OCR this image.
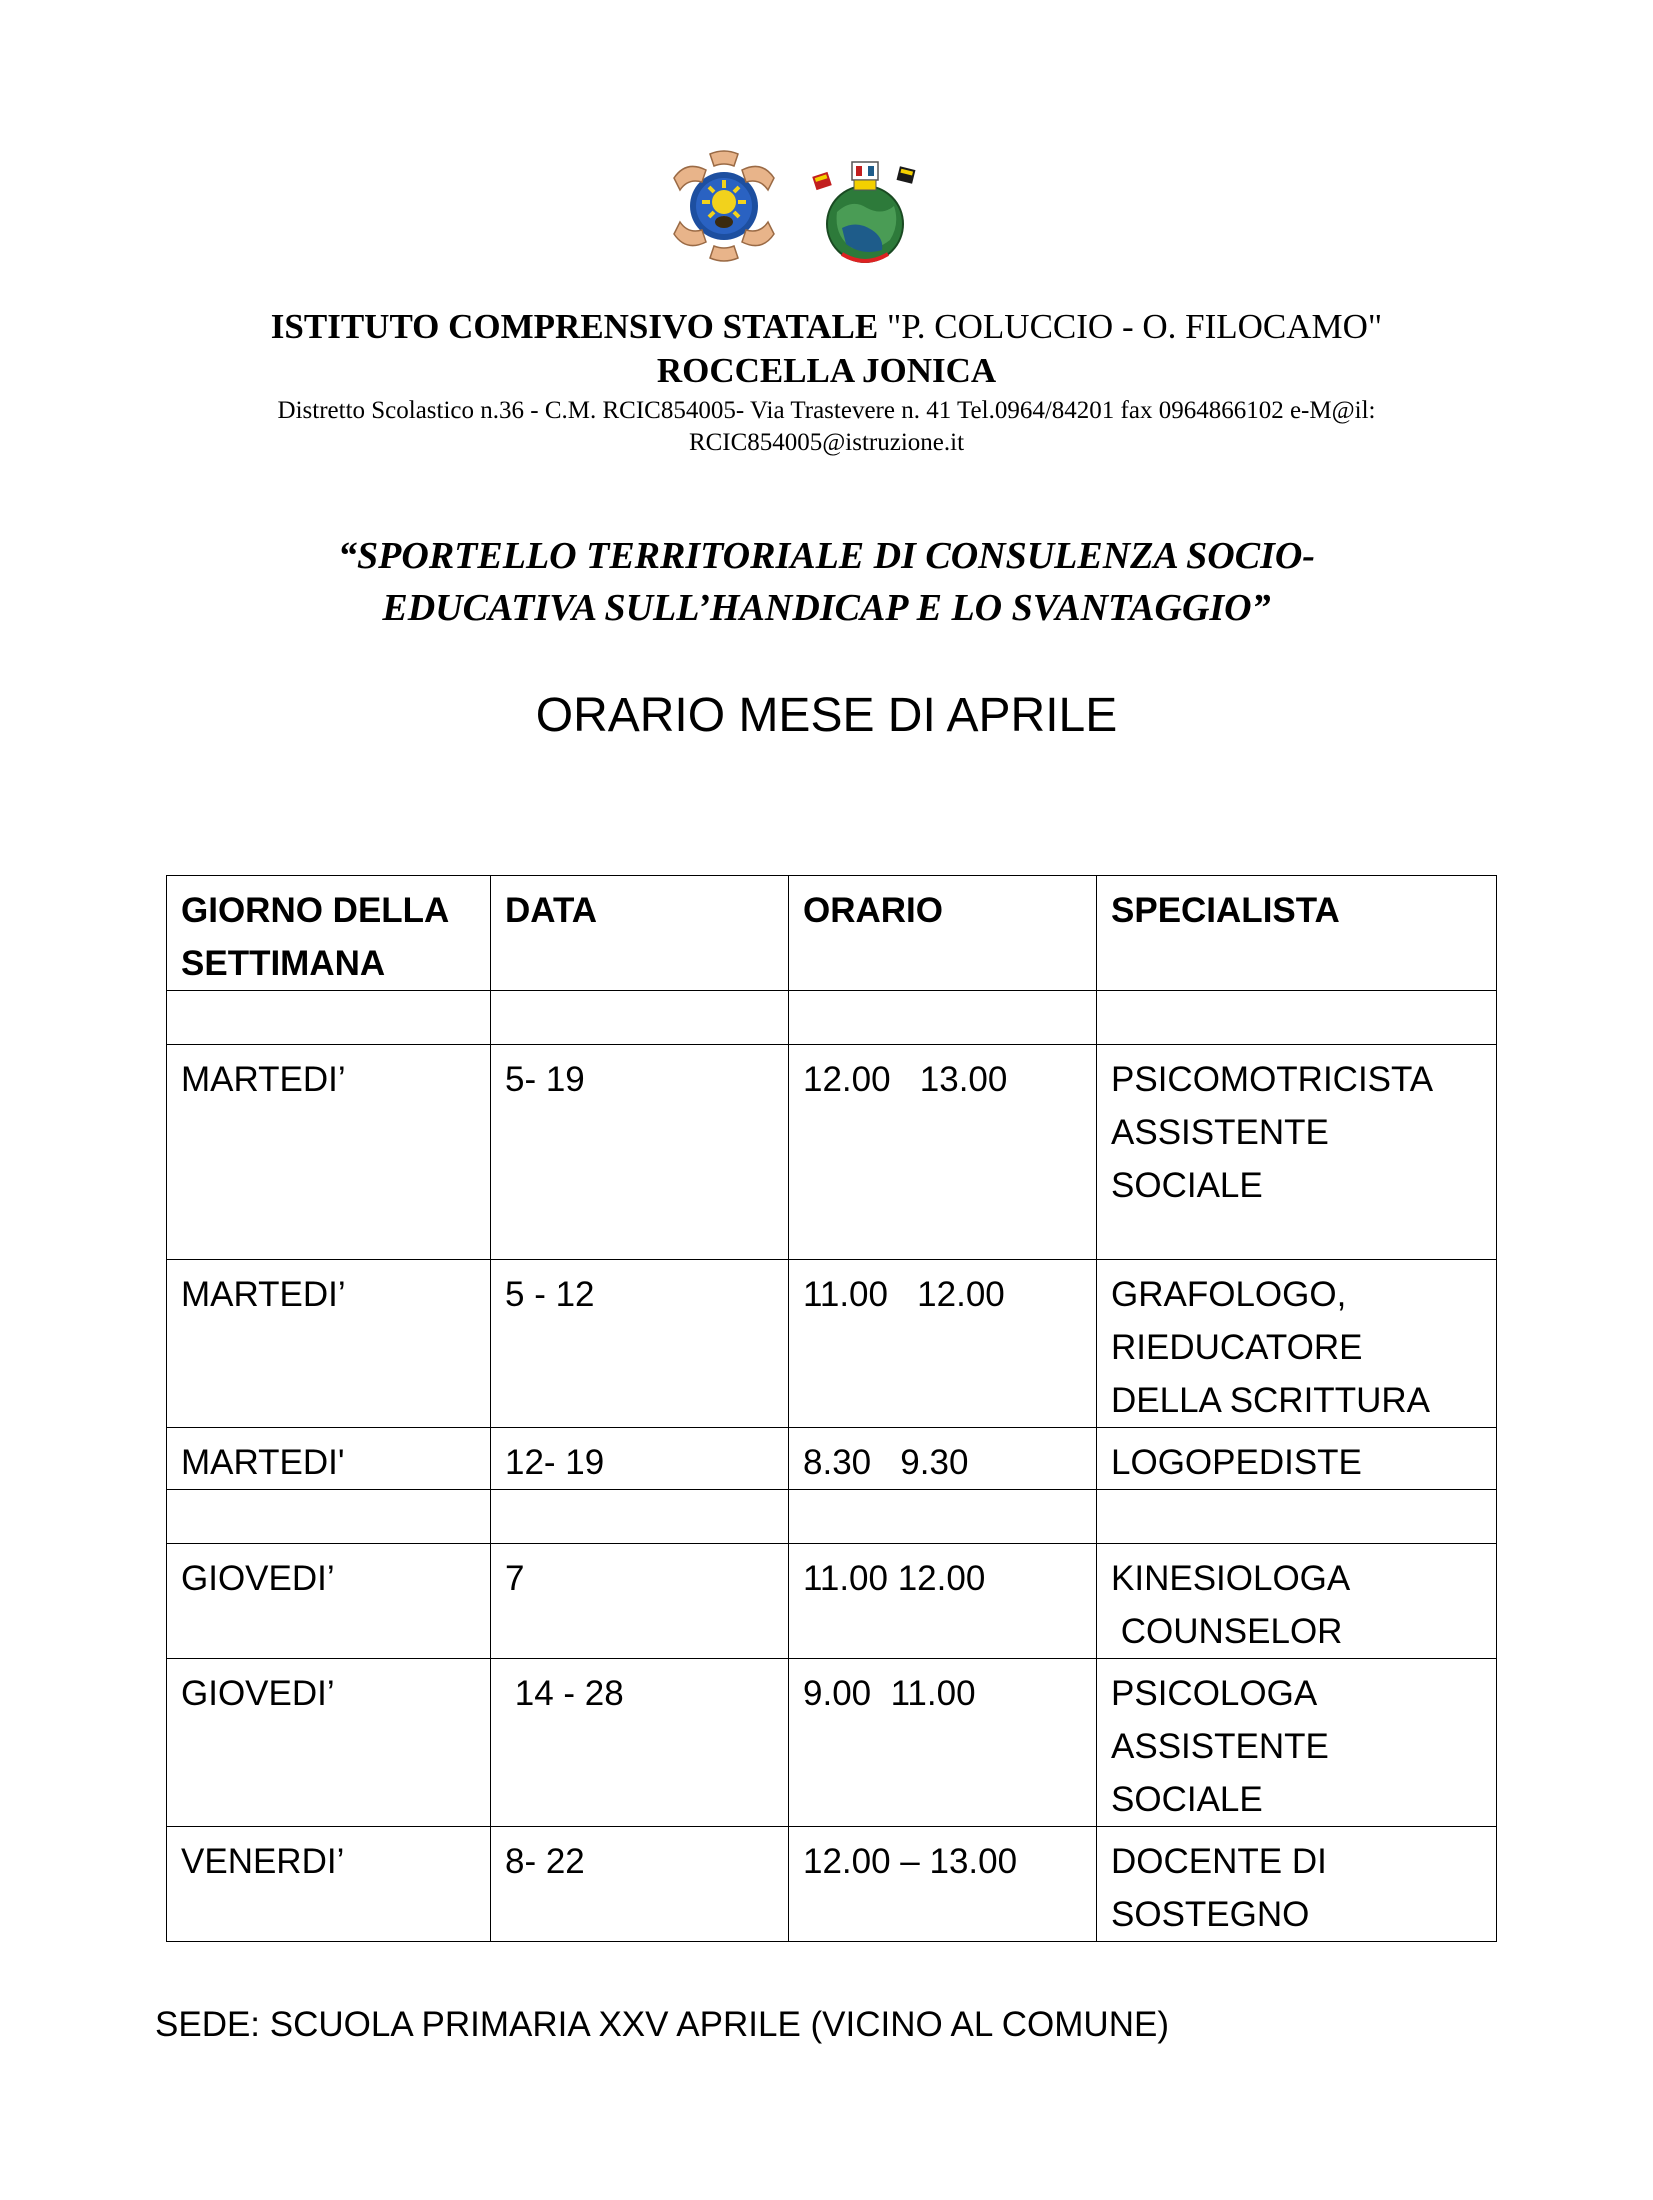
ISTITUTO COMPRENSIVO STATALE "P. COLUCCIO - O. FILOCAMO"
ROCCELLA JONICA
Distretto Scolastico n.36 - C.M. RCIC854005- Via Trastevere n. 41 Tel.0964/84201 fax 0964866102 e-M@il:
RCIC854005@istruzione.it
“SPORTELLO TERRITORIALE DI CONSULENZA SOCIO-
EDUCATIVA SULL’HANDICAP E LO SVANTAGGIO”
ORARIO MESE DI APRILE
GIORNO DELLA
SETTIMANA	DATA	ORARIO	SPECIALISTA

MARTEDI’	5- 19	12.00   13.00	PSICOMOTRICISTA
ASSISTENTE SOCIALE
MARTEDI’	5 - 12	11.00   12.00	GRAFOLOGO,
RIEDUCATORE
DELLA SCRITTURA
MARTEDI'	12- 19	8.30   9.30	LOGOPEDISTE

GIOVEDI’	7	11.00 12.00	KINESIOLOGA
COUNSELOR
GIOVEDI’	14 - 28	9.00  11.00	PSICOLOGA
ASSISTENTE SOCIALE
VENERDI’	8- 22	12.00 – 13.00	DOCENTE DI
SOSTEGNO
SEDE: SCUOLA PRIMARIA XXV APRILE (VICINO AL COMUNE)
